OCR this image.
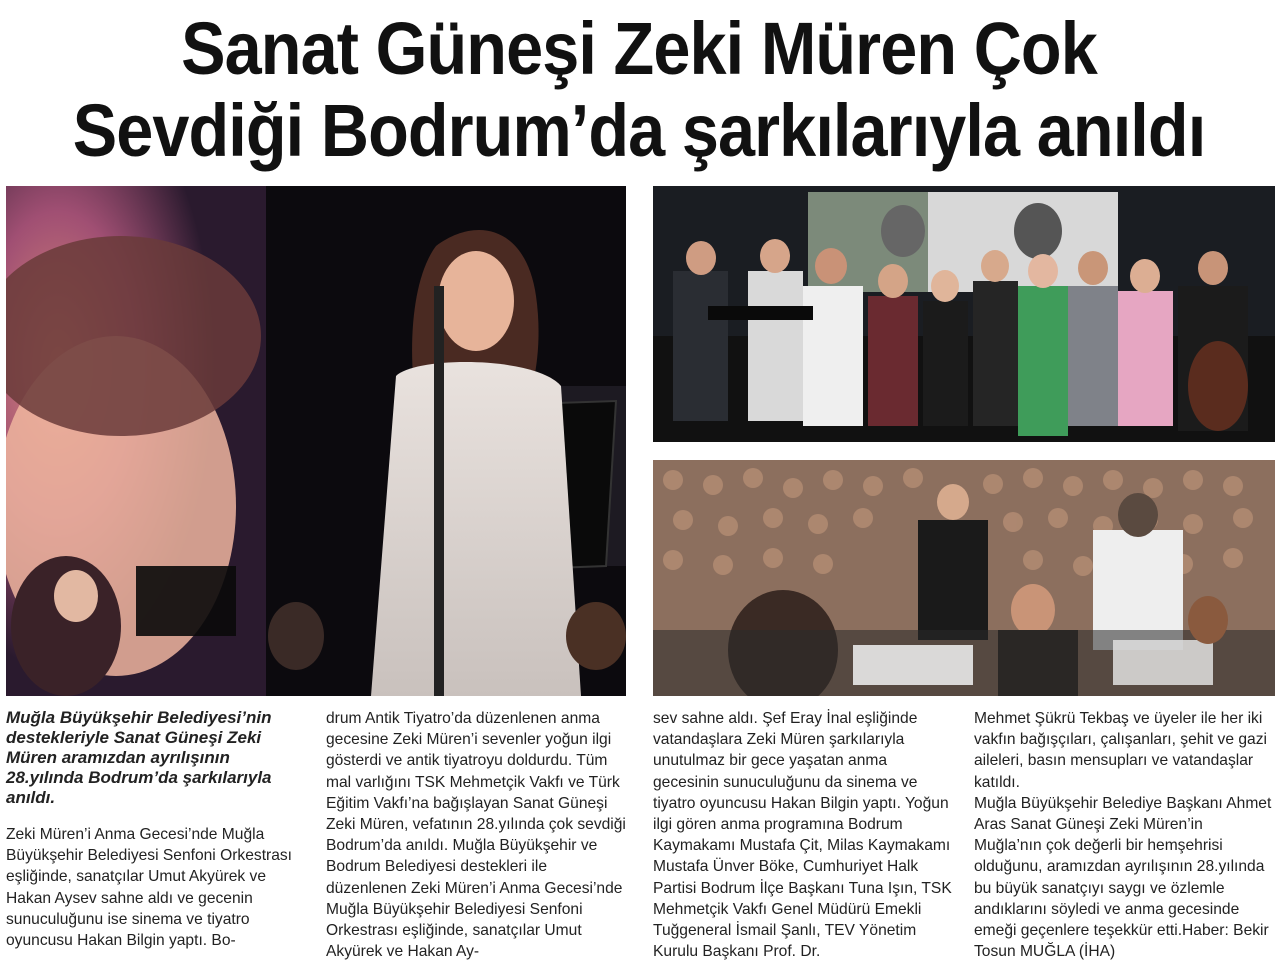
Sanat Güneşi Zeki Müren Çok
Sevdiği Bodrum’da şarkılarıyla anıldı

Muğla Büyükşehir Belediyesi’nin destekleriyle Sanat Güneşi Zeki Müren aramızdan ayrılışının 28.yılında Bodrum’da şarkılarıyla anıldı.

Zeki Müren’i Anma Gecesi’nde Muğla Büyükşehir Belediyesi Senfoni Orkestrası eşliğinde, sanatçılar Umut Akyürek ve Hakan Aysev sahne aldı ve gecenin sunuculuğunu ise sinema ve tiyatro oyuncusu Hakan Bilgin yaptı. Bo-

drum Antik Tiyatro’da düzenlenen anma gecesine Zeki Müren’i sevenler yoğun ilgi gösterdi ve antik tiyatroyu doldurdu. Tüm mal varlığını TSK Mehmetçik Vakfı ve Türk Eğitim Vakfı’na bağışlayan Sanat Güneşi Zeki Müren, vefatının 28.yılında çok sevdiği Bodrum’da anıldı. Muğla Büyükşehir ve Bodrum Belediyesi destekleri ile düzenlenen Zeki Müren’i Anma Gecesi’nde Muğla Büyükşehir Belediyesi Senfoni Orkestrası eşliğinde, sanatçılar Umut Akyürek ve Hakan Ay-

sev sahne aldı. Şef Eray İnal eşliğinde vatandaşlara Zeki Müren şarkılarıyla unutulmaz bir gece yaşatan anma gecesinin sunuculuğunu da sinema ve tiyatro oyuncusu Hakan Bilgin yaptı. Yoğun ilgi gören anma programına Bodrum Kaymakamı Mustafa Çit, Milas Kaymakamı Mustafa Ünver Böke, Cumhuriyet Halk Partisi Bodrum İlçe Başkanı Tuna Işın, TSK Mehmetçik Vakfı Genel Müdürü Emekli Tuğgeneral İsmail Şanlı, TEV Yönetim Kurulu Başkanı Prof. Dr.

Mehmet Şükrü Tekbaş ve üyeler ile her iki vakfın bağışçıları, çalışanları, şehit ve gazi aileleri, basın mensupları ve vatandaşlar katıldı.

Muğla Büyükşehir Belediye Başkanı Ahmet Aras Sanat Güneşi Zeki Müren’in Muğla’nın çok değerli bir hemşehrisi olduğunu, aramızdan ayrılışının 28.yılında bu büyük sanatçıyı saygı ve özlemle andıklarını söyledi ve anma gecesinde emeği geçenlere teşekkür etti.Haber: Bekir Tosun MUĞLA (İHA)
